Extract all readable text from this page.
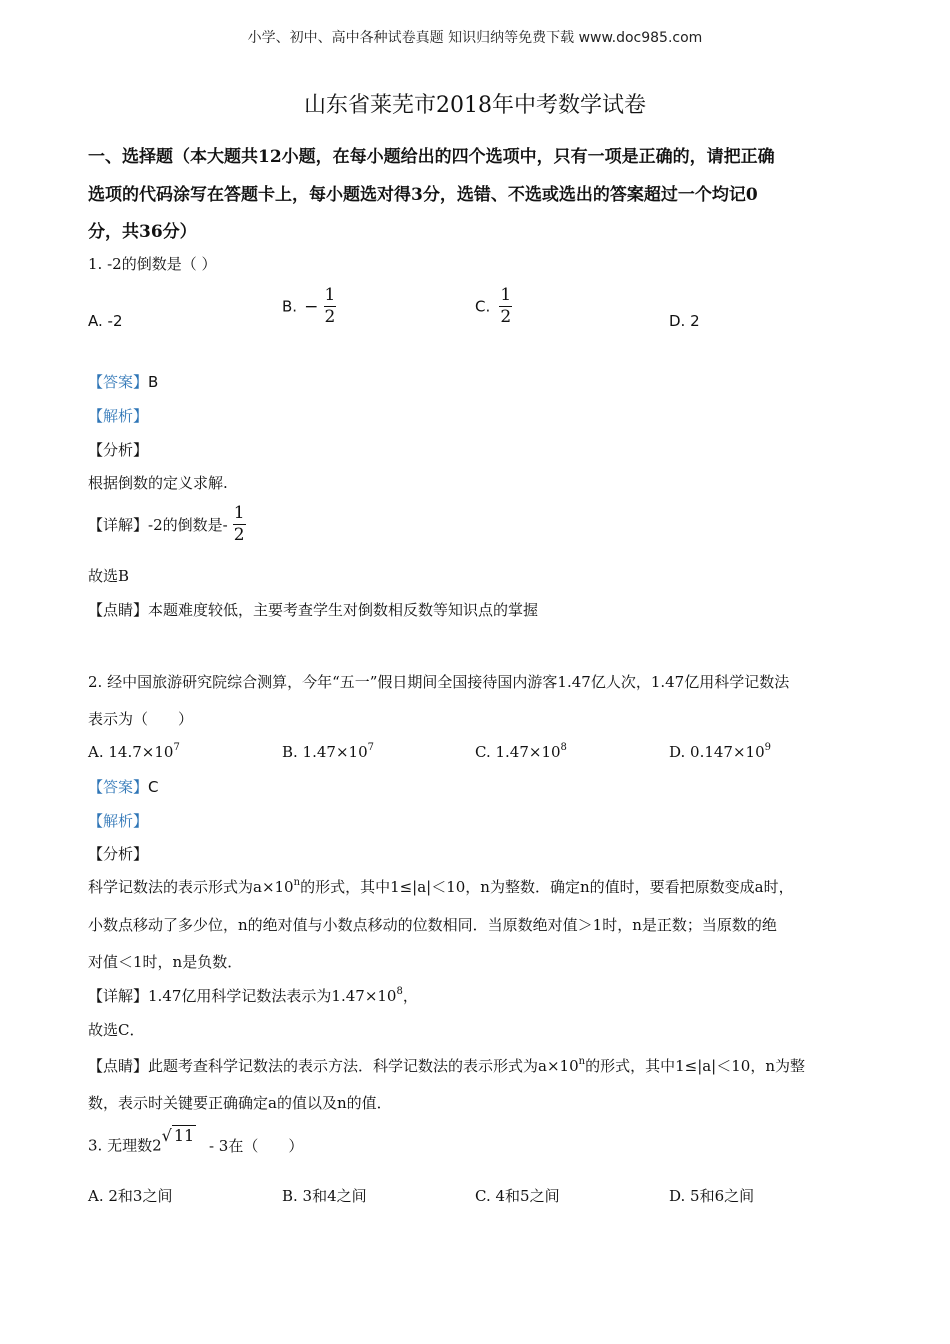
小学、初中、高中各种试卷真题 知识归纳等免费下载 www.doc985.com
山东省莱芜市2018年中考数学试卷
一、选择题（本大题共12小题，在每小题给出的四个选项中，只有一项是正确的，请把正确
选项的代码涂写在答题卡上，每小题选对得3分，选错、不选或选出的答案超过一个均记0
分，共36分）
1. -2的倒数是（ ）
A. -2
B. − $\frac{1}{2}$	C. $\frac{1}{2}$	D. 2
【答案】B
【解析】
【分析】
根据倒数的定义求解.
【详解】-2的倒数是- $\frac{1}{2}$
故选B
【点睛】本题难度较低，主要考查学生对倒数相反数等知识点的掌握
2. 经中国旅游研究院综合测算，今年“五一”假日期间全国接待国内游客1.47亿人次，1.47亿用科学记数法
表示为（　　）
A. $14.7\times 10^7$	B. $1.47\times 10^7$	C. $1.47\times 10^8$	D. $0.147\times 10^9$
【答案】C
【解析】
【分析】
科学记数法的表示形式为$a\times 10^n$的形式，其中1≤|a|＜10，n为整数．确定n的值时，要看把原数变成a时，
小数点移动了多少位，n的绝对值与小数点移动的位数相同．当原数绝对值＞1时，n是正数；当原数的绝
对值＜1时，n是负数．
【详解】1.47亿用科学记数法表示为$1.47\times 10^8$，
故选C．
【点睛】此题考查科学记数法的表示方法．科学记数法的表示形式为$a\times 10^n$的形式，其中1≤|a|＜10，n为整
数，表示时关键要正确确定a的值以及n的值．
3. 无理数2√ 11 - 3在（　　）
A. 2和3之间	B. 3和4之间	C. 4和5之间	D. 5和6之间
